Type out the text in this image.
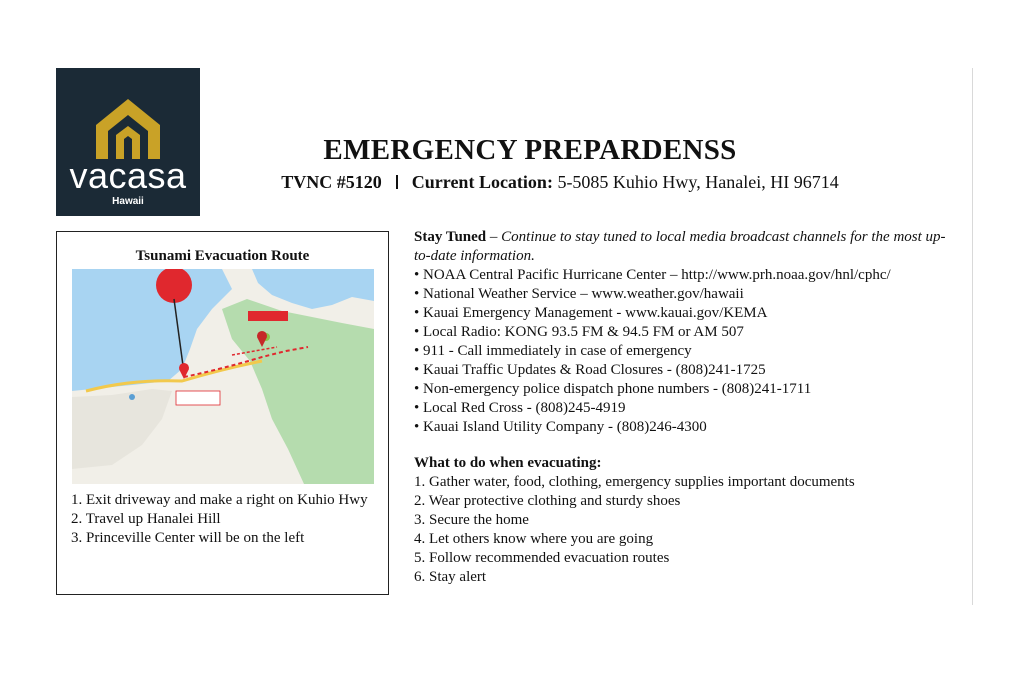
vacasa
Hawaii
EMERGENCY PREPARDENSS
TVNC #5120 Current Location: 5-5085 Kuhio Hwy, Hanalei, HI 96714
Tsunami Evacuation Route
1. Exit driveway and make a right on Kuhio Hwy
2. Travel up Hanalei Hill
3. Princeville Center will be on the left
Stay Tuned – Continue to stay tuned to local media broadcast channels for the most up-to-date information.
• NOAA Central Pacific Hurricane Center – http://www.prh.noaa.gov/hnl/cphc/
• National Weather Service – www.weather.gov/hawaii
• Kauai Emergency Management - www.kauai.gov/KEMA
• Local Radio: KONG 93.5 FM & 94.5 FM or AM 507
• 911 - Call immediately in case of emergency
• Kauai Traffic Updates & Road Closures - (808)241-1725
• Non-emergency police dispatch phone numbers - (808)241-1711
• Local Red Cross - (808)245-4919
• Kauai Island Utility Company - (808)246-4300
What to do when evacuating:
1. Gather water, food, clothing, emergency supplies important documents
2. Wear protective clothing and sturdy shoes
3. Secure the home
4. Let others know where you are going
5. Follow recommended evacuation routes
6. Stay alert
